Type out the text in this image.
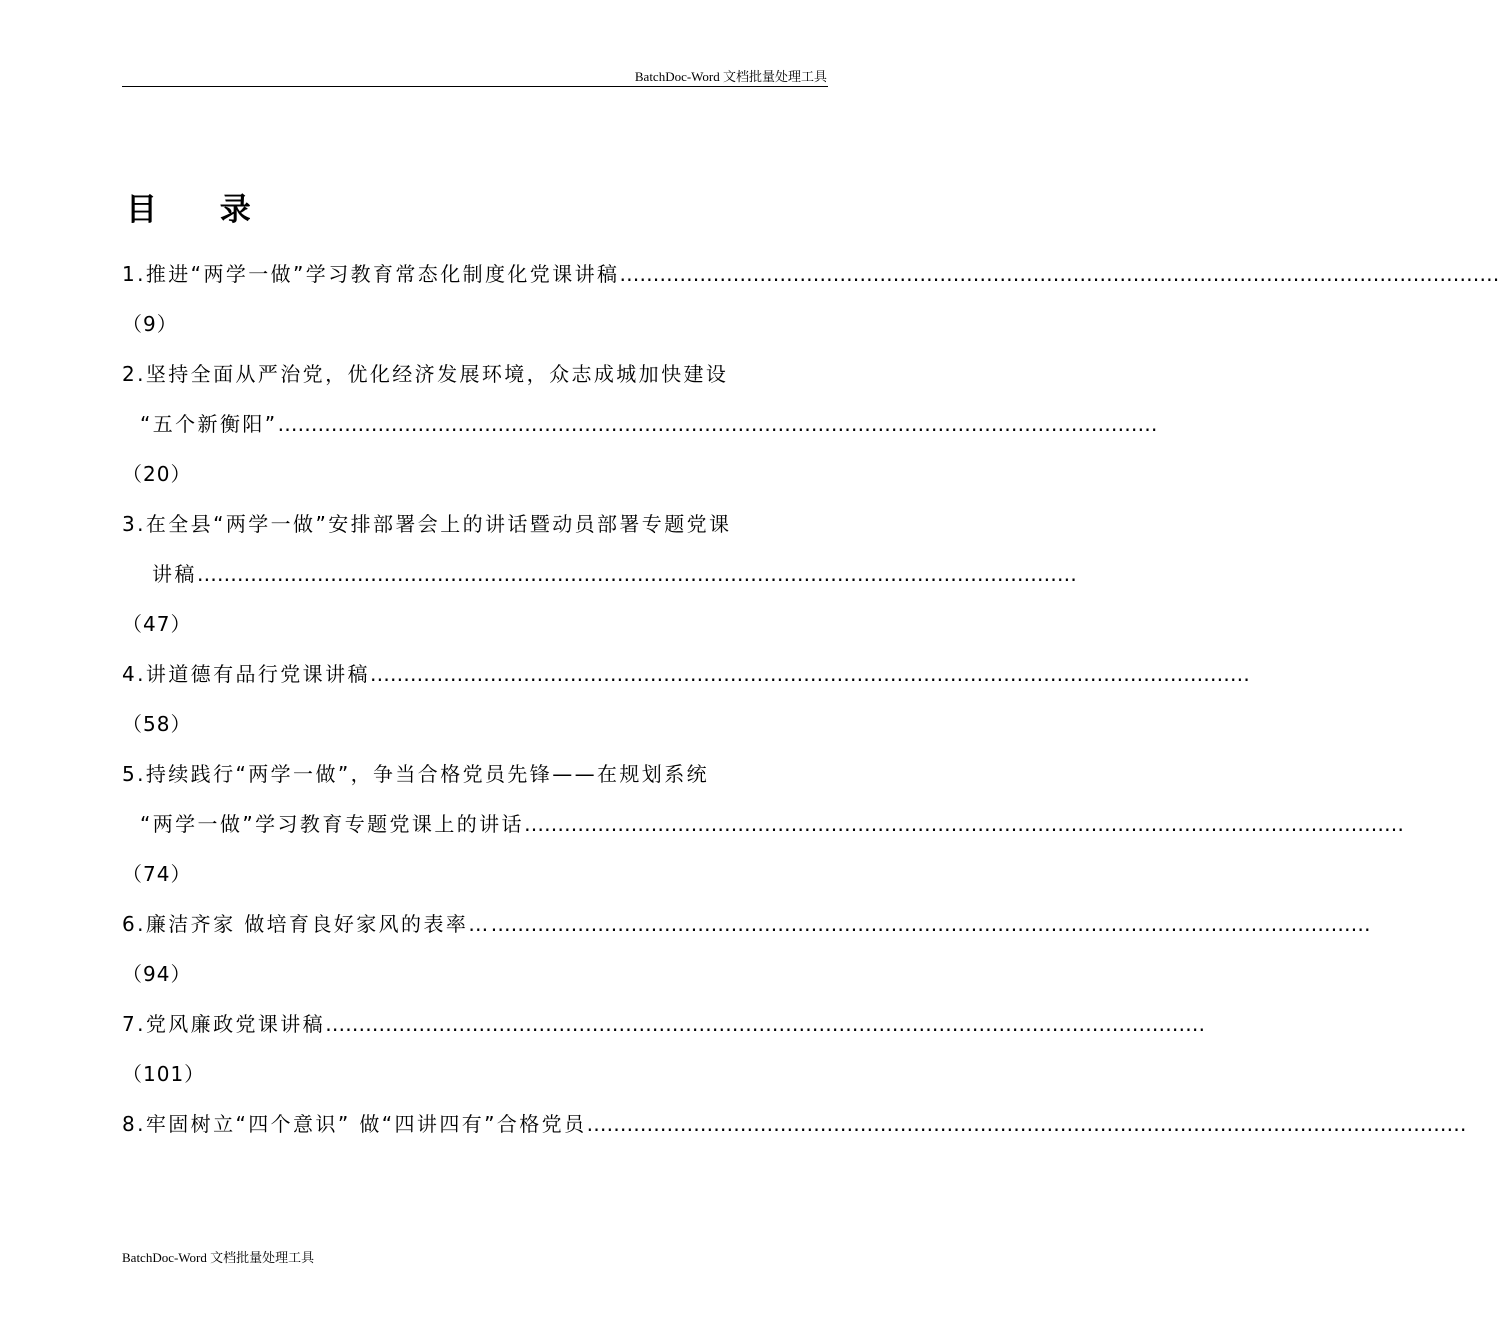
BatchDoc-Word 文档批量处理工具
目 录
1.推进“两学一做”学习教育常态化制度化党课讲稿 ……………………………………………………………………………………………………………………
（9）
2.坚持全面从严治党，优化经济发展环境，众志成城加快建设
“五个新衡阳” ……………………………………………………………………………………………………………………
（20）
3.在全县“两学一做”安排部署会上的讲话暨动员部署专题党课
讲稿 ……………………………………………………………………………………………………………………
（47）
4.讲道德有品行党课讲稿 ……………………………………………………………………………………………………………………
（58）
5.持续践行“两学一做”，争当合格党员先锋——在规划系统
“两学一做”学习教育专题党课上的讲话 ……………………………………………………………………………………………………………………
（74）
6.廉洁齐家 做培育良好家风的表率… ……………………………………………………………………………………………………………………
（94）
7.党风廉政党课讲稿 ……………………………………………………………………………………………………………………
（101）
8.牢固树立“四个意识” 做“四讲四有”合格党员 ……………………………………………………………………………………………………………………
BatchDoc-Word 文档批量处理工具
